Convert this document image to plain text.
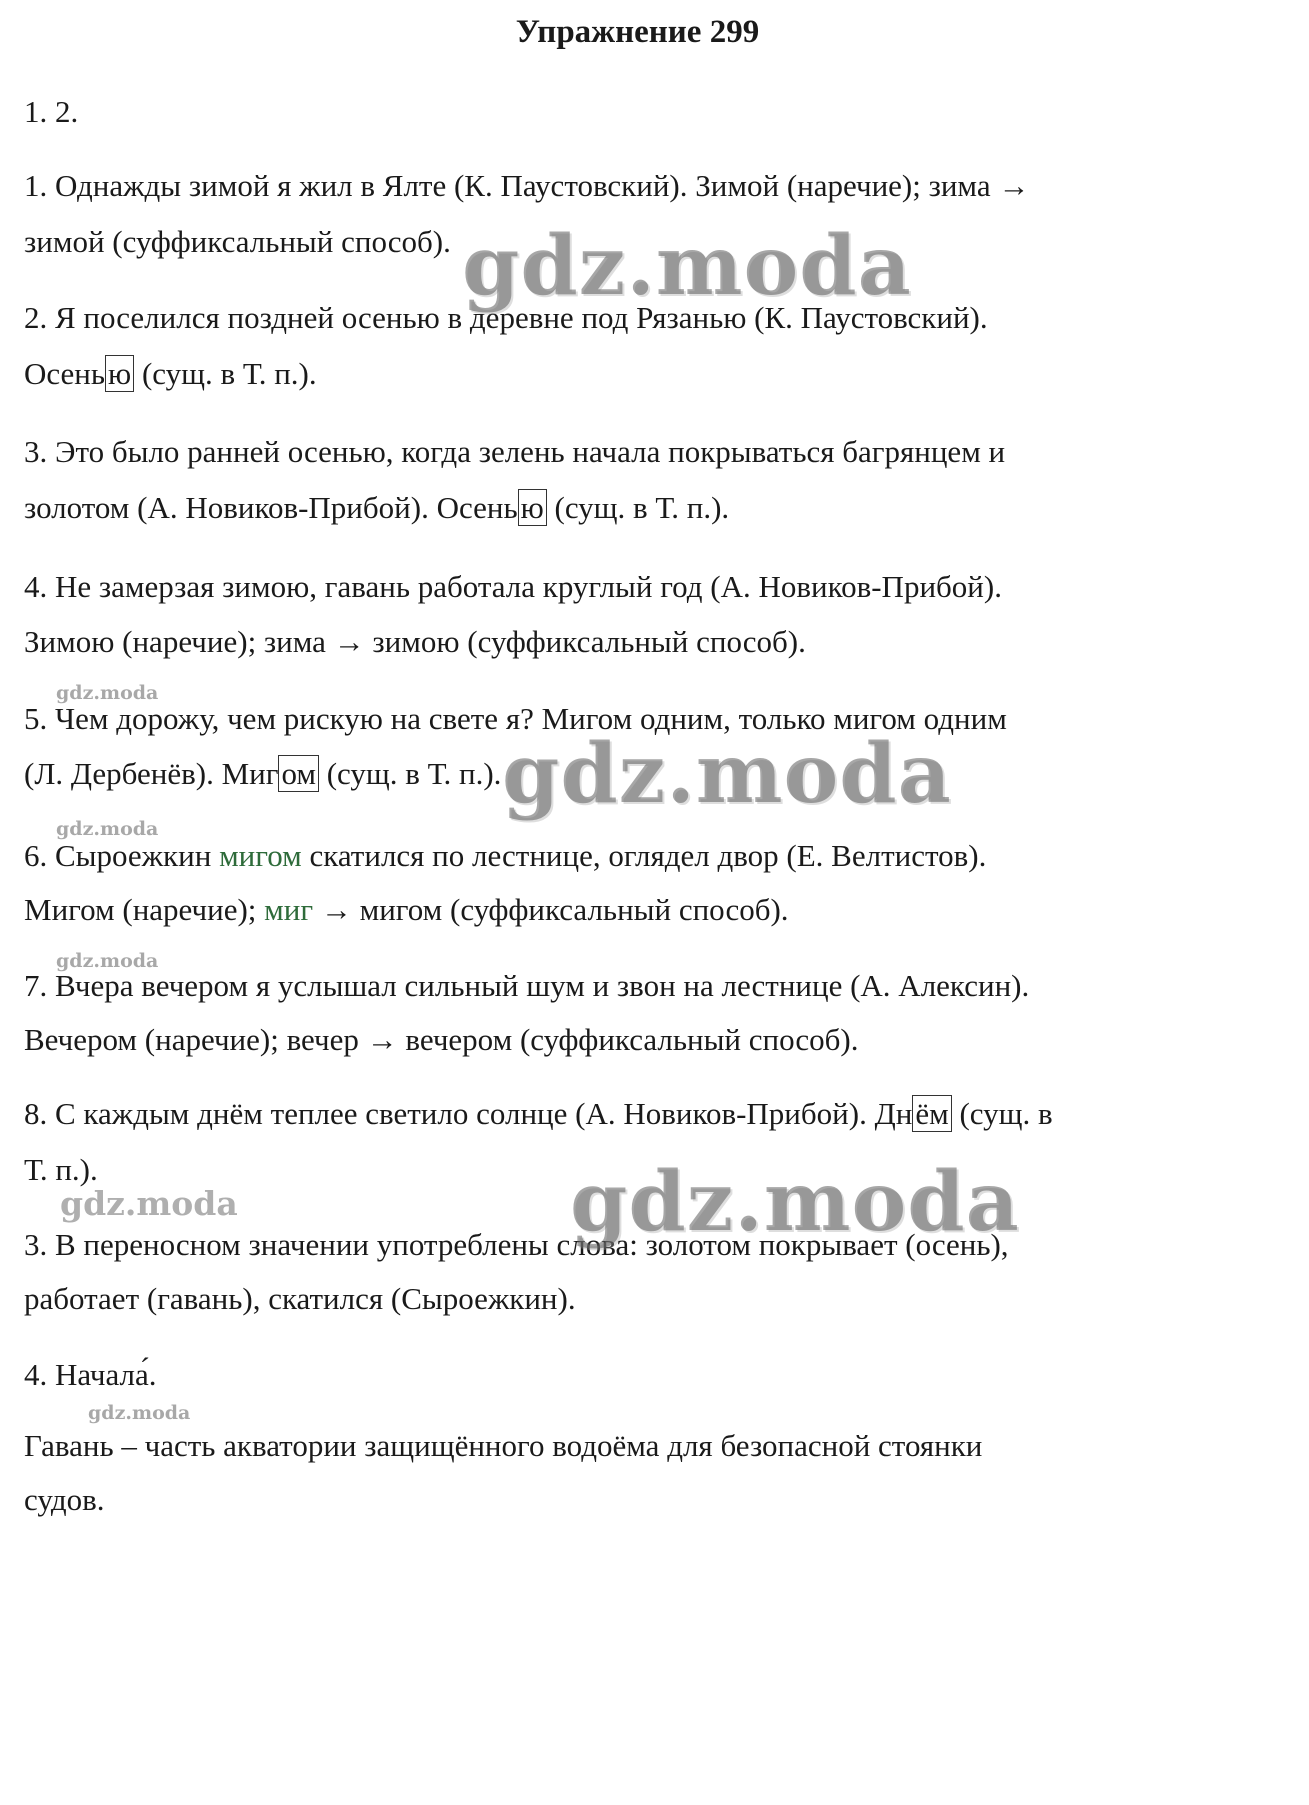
Упражнение 299

1. 2.

1. Однажды зимой я жил в Ялте (К. Паустовский). Зимой (наречие); зима →

зимой (суффиксальный способ).

2. Я поселился поздней осенью в деревне под Рязанью (К. Паустовский).

Осенью (сущ. в Т. п.).

3. Это было ранней осенью, когда зелень начала покрываться багрянцем и

золотом (А. Новиков-Прибой). Осенью (сущ. в Т. п.).

4. Не замерзая зимою, гавань работала круглый год (А. Новиков-Прибой).

Зимою (наречие); зима → зимою (суффиксальный способ).

5. Чем дорожу, чем рискую на свете я? Мигом одним, только мигом одним

(Л. Дербенёв). Мигом (сущ. в Т. п.).

6. Сыроежкин мигом скатился по лестнице, оглядел двор (Е. Велтистов).

Мигом (наречие); миг → мигом (суффиксальный способ).

7. Вчера вечером я услышал сильный шум и звон на лестнице (А. Алексин).

Вечером (наречие); вечер → вечером (суффиксальный способ).

8. С каждым днём теплее светило солнце (А. Новиков-Прибой). Днём (сущ. в

Т. п.).

3. В переносном значении употреблены слова: золотом покрывает (осень),

работает (гавань), скатился (Сыроежкин).

4. Начала́.

Гавань – часть акватории защищённого водоёма для безопасной стоянки

судов.

gdz.moda
gdz.moda
gdz.moda
gdz.moda
gdz.moda
gdz.moda
gdz.moda
gdz.moda
